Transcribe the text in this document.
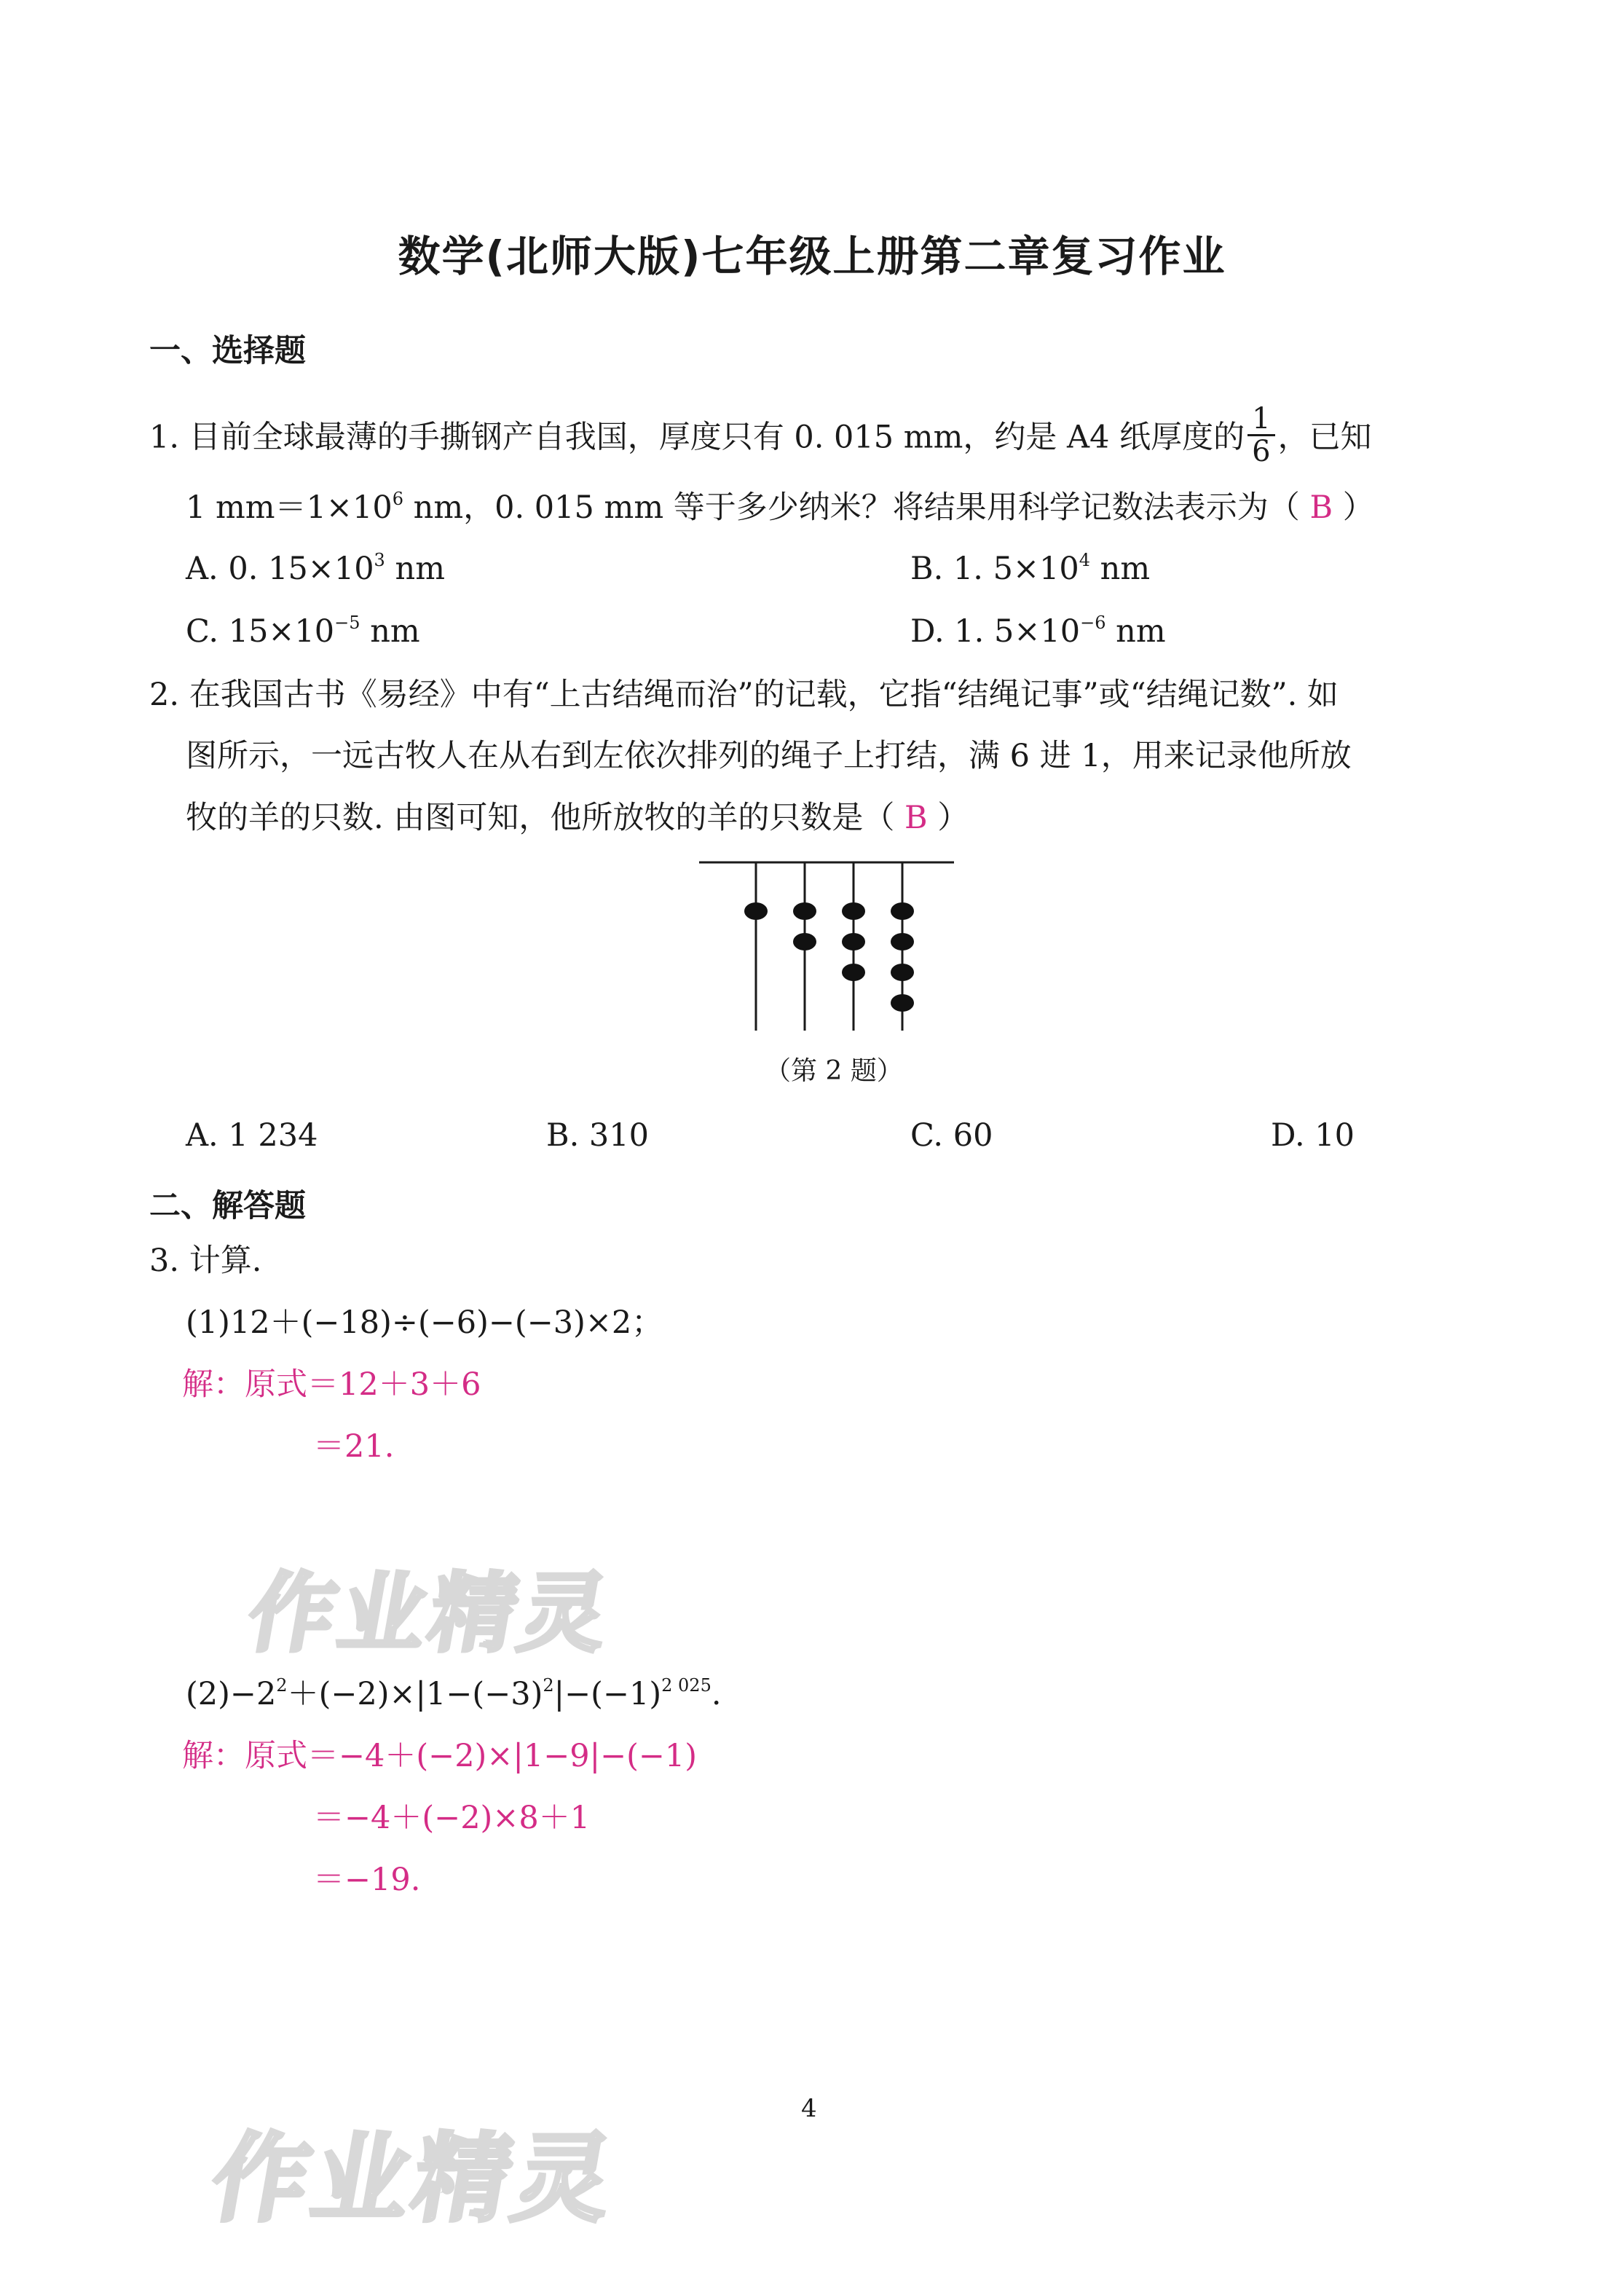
数学(北师大版)七年级上册第二章复习作业
一、选择题
1. 目前全球最薄的手撕钢产自我国，厚度只有 0. 015 mm，约是 A4 纸厚度的 $\frac{1}{6}$ ，已知
1 $mm=1\times 10^6$ nm，0. 015 mm 等于多少纳米？将结果用科学记数法表示为（ B ）
A. 0. $15\times 10^3$ nm	B. 1. $5\times 10^4$ nm
C. $15\times 10^{-5}$ nm	D. 1. $5\times 10^{-6}$ nm
2. 在我国古书《易经》中有“上古结绳而治”的记载，它指“结绳记事”或“结绳记数”. 如
图所示，一远古牧人在从右到左依次排列的绳子上打结，满 6 进 1，用来记录他所放
牧的羊的只数. 由图可知，他所放牧的羊的只数是（ B ）
（第 2 题）
A. 1 234	B. 310	C. 60	D. 10
二、解答题
3. 计算.
(1)12＋(−18)÷(−6)−(−3)×2；
解：原式＝12＋3＋6
＝21.
作业精灵
$(2)-2^2+(-2)\times|1-(-3)^2|-(-1)^{2 025}$.
解：原式＝−4＋(−2)×|1−9|−(−1)
＝−4＋(−2)×8＋1
＝−19.
4
作业精灵
